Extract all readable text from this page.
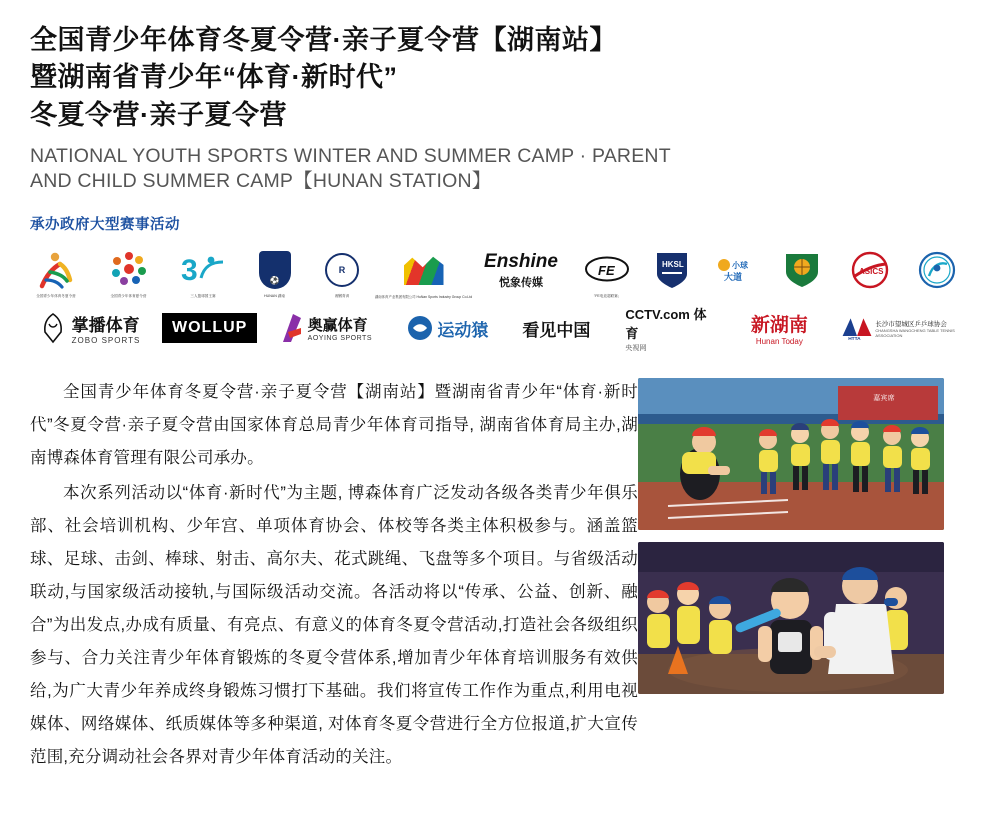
全国青少年体育冬夏令营·亲子夏令营【湖南站】
暨湖南省青少年“体育·新时代”
冬夏令营·亲子夏令营
NATIONAL YOUTH SPORTS WINTER AND SUMMER CAMP · PARENT
AND CHILD SUMMER CAMP【HUNAN STATION】
承办政府大型赛事活动
全国青少年体育冬夏令营	全国青少年体育夏令营
3
三人篮球国王赛
⚽
HUNAN 湖南
R
湘钢青训	湖南体育产业集团有限公司 HuNan Sports Industry Group Co.Ltd
Enshine
悦象传媒
FE
「FE电竞超联赛」
HKSL	小球
大道
ASICS
掌播体育
ZOBO SPORTS
WOLLUP	奥赢体育
AOYING SPORTS	运动猿 看见中国
CCTV.com 体育
央视网
新湖南
Hunan Today	HTTA
长沙市望城区乒乒球协会
CHANGSHA WANGCHENG TABLE TENNIS ASSOCIATION
嘉宾席

全国青少年体育冬夏令营·亲子夏令营【湖南站】暨湖南省青少年“体育·新时代”冬夏令营·亲子夏令营由国家体育总局青少年体育司指导, 湖南省体育局主办,湖南博森体育管理有限公司承办。

本次系列活动以“体育·新时代”为主题, 博森体育广泛发动各级各类青少年俱乐部、社会培训机构、少年宫、单项体育协会、体校等各类主体积极参与。涵盖篮球、足球、击剑、棒球、射击、高尔夫、花式跳绳、飞盘等多个项目。与省级活动联动,与国家级活动接轨,与国际级活动交流。各活动将以“传承、公益、创新、融合”为出发点,办成有质量、有亮点、有意义的体育冬夏令营活动,打造社会各级组织参与、合力关注青少年体育锻炼的冬夏令营体系,增加青少年体育培训服务有效供给,为广大青少年养成终身锻炼习惯打下基础。我们将宣传工作作为重点,利用电视媒体、网络媒体、纸质媒体等多种渠道, 对体育冬夏令营进行全方位报道,扩大宣传范围,充分调动社会各界对青少年体育活动的关注。
